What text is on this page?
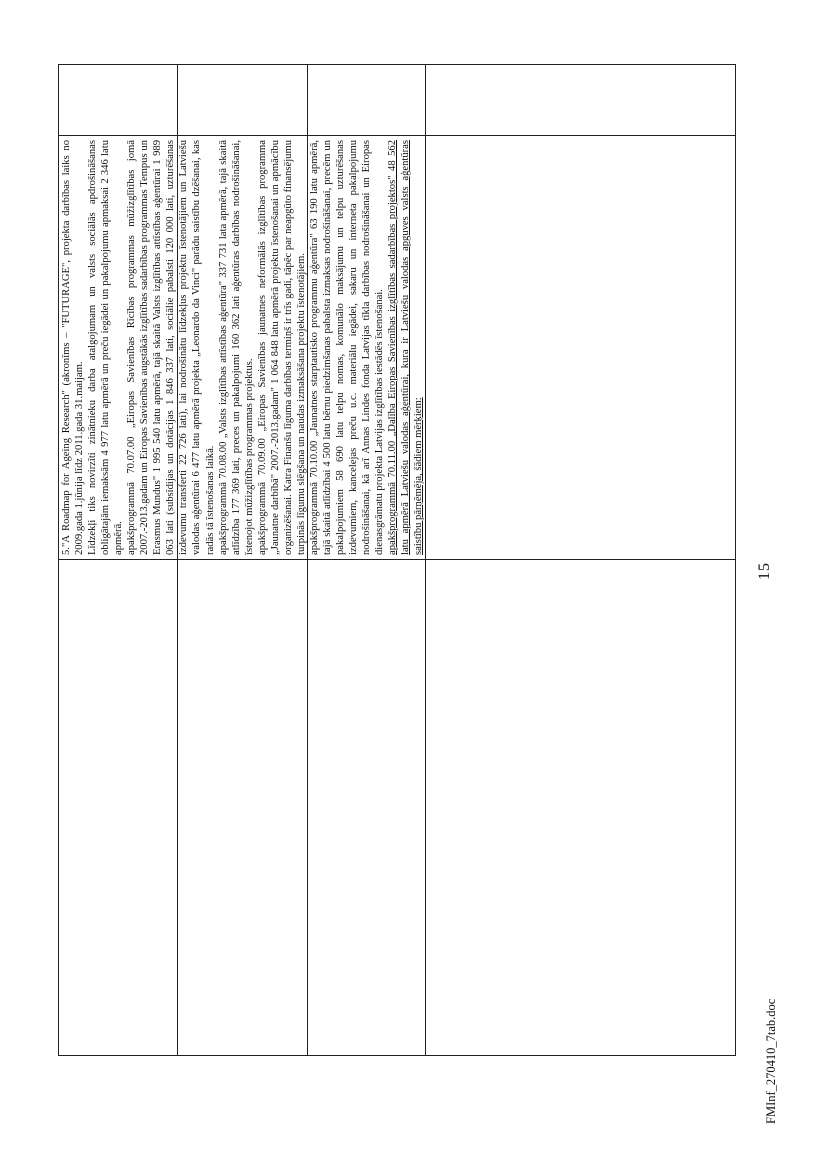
5."A Roadmap for Ageing Research" (akronīms – "FUTURAGE", projekta darbības laiks no 2009.gada 1.jūnija līdz 2011.gada 31.maijam. Līdzekļi tiks novirzīti zinātnieku darba atalgojumam un valsts sociālās apdrošināšanas obligātajām iemaksām 4 977 latu apmērā un preču iegādei un pakalpojumu apmaksai 2 346 latu apmērā. apakšprogrammā 70.07.00 „Eiropas Savienības Rīcības programmas mūžizglītības jomā 2007.-2013.gadam un Eiropas Savienības augstākās izglītības sadarbības programmas Tempus un Erasmus Mundus" 1 995 540 latu apmērā, tajā skaitā Valsts izglītības attīstības aģentūrai 1 989 063 lati (subsīdijas un dotācijas 1 846 337 lati, sociālie pabalsti 120 000 lati, uzturēšanas izdevumu transferti 22 726 lati), lai nodrošinātu līdzekļus projektu īstenotājiem un Latviešu valodas aģentūrai 6 477 latu apmērā projekta „Leonardo da Vinci" parādu saistību dzēšanai, kas radās tā īstenošanas laikā. apakšprogrammā 70.08.00 „Valsts izglītības attīstības aģentūra" 337 731 lata apmērā, tajā skaitā atlīdzība 177 369 lati, preces un pakalpojumi 160 362 lati aģentūras darbības nodrošināšanai, īstenojot mūžizglītības programmas projektus. apakšprogrammā 70.09.00 „Eiropas Savienības jaunatnes neformālās izglītības programma „Jaunatne darbībā" 2007.-2013.gadam" 1 064 848 latu apmērā projektu īstenošanai un apmācību organizēšanai. Katra Finanšu līguma darbības termiņš ir trīs gadi, tāpēc par neapgūto finansējumu turpinās līgumu slēgšana un naudas izmaksāšana projektu īstenotājiem. apakšprogrammā 70.10.00 „Jaunatnes starptautisko programmu aģentūra" 63 190 latu apmērā, tajā skaitā atlīdzībai 4 500 latu bērnu piedzimšanas pabalsta izmaksas nodrošināšanai, precēm un pakalpojumiem 58 690 latu telpu nomas, komunālo maksājumu un telpu uzturēšanas izdevumiem, kancelejas preču u.c. materiālu iegādei, sakaru un interneta pakalpojumu nodrošināšanai, kā arī Annas Lindes fonda Latvijas tīkla darbības nodrošināšanai un Eiropas dienasgrāmatu projekta Latvijas izglītības iestādēs īstenošanai. apakšprogrammā 70.11.00 „Dalība Eiropas Savienības izglītības sadarbības projektos" 48 562 latu apmērā Latviešu valodas aģentūrai, kura ir Latviešu valodas apguves valsts aģentūras saistību pārņēmēja, šādiem mērķiem:

15
FMInf_270410_7tab.doc
